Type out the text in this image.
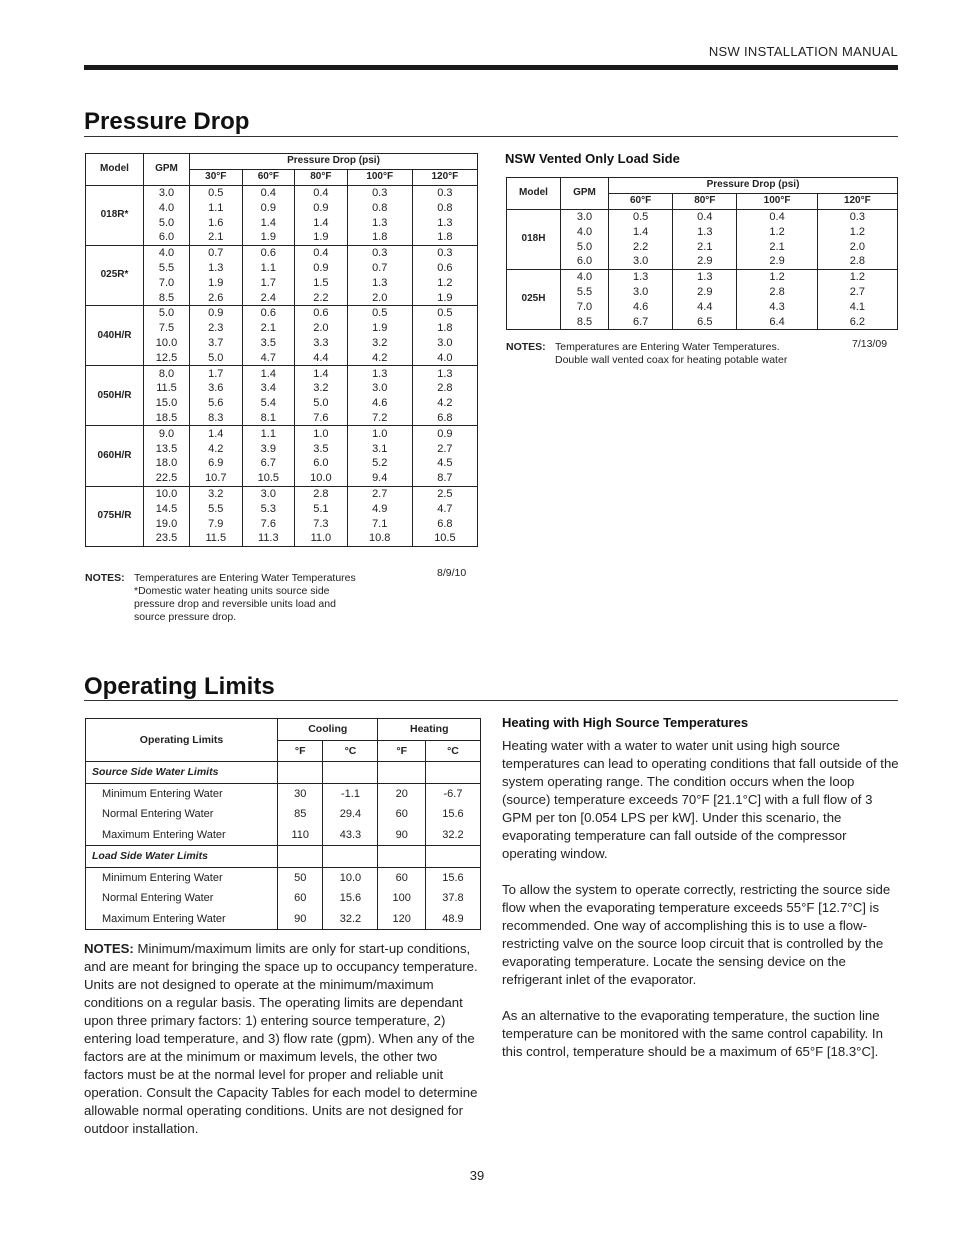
NSW INSTALLATION MANUAL
Pressure Drop
Model	GPM	Pressure Drop (psi)				
		30°F	60°F	80°F	100°F	120°F
018R*	3.0	0.5	0.4	0.4	0.3	0.3
	4.0	1.1	0.9	0.9	0.8	0.8
	5.0	1.6	1.4	1.4	1.3	1.3
	6.0	2.1	1.9	1.9	1.8	1.8
025R*	4.0	0.7	0.6	0.4	0.3	0.3
	5.5	1.3	1.1	0.9	0.7	0.6
	7.0	1.9	1.7	1.5	1.3	1.2
	8.5	2.6	2.4	2.2	2.0	1.9
040H/R	5.0	0.9	0.6	0.6	0.5	0.5
	7.5	2.3	2.1	2.0	1.9	1.8
	10.0	3.7	3.5	3.3	3.2	3.0
	12.5	5.0	4.7	4.4	4.2	4.0
050H/R	8.0	1.7	1.4	1.4	1.3	1.3
	11.5	3.6	3.4	3.2	3.0	2.8
	15.0	5.6	5.4	5.0	4.6	4.2
	18.5	8.3	8.1	7.6	7.2	6.8
060H/R	9.0	1.4	1.1	1.0	1.0	0.9
	13.5	4.2	3.9	3.5	3.1	2.7
	18.0	6.9	6.7	6.0	5.2	4.5
	22.5	10.7	10.5	10.0	9.4	8.7
075H/R	10.0	3.2	3.0	2.8	2.7	2.5
	14.5	5.5	5.3	5.1	4.9	4.7
	19.0	7.9	7.6	7.3	7.1	6.8
	23.5	11.5	11.3	11.0	10.8	10.5
NOTES: Temperatures are Entering Water Temperatures
*Domestic water heating units source side
pressure drop and reversible units load and
source pressure drop.
8/9/10
NSW Vented Only Load Side
Model	GPM	Pressure Drop (psi)			
		60°F	80°F	100°F	120°F
018H	3.0	0.5	0.4	0.4	0.3
	4.0	1.4	1.3	1.2	1.2
	5.0	2.2	2.1	2.1	2.0
	6.0	3.0	2.9	2.9	2.8
025H	4.0	1.3	1.3	1.2	1.2
	5.5	3.0	2.9	2.8	2.7
	7.0	4.6	4.4	4.3	4.1
	8.5	6.7	6.5	6.4	6.2
NOTES: Temperatures are Entering Water Temperatures.
Double wall vented coax for heating potable water
7/13/09
Operating Limits
Operating Limits	Cooling		Heating	
	°F	°C	°F	°C
Source Side Water Limits				
Minimum Entering Water	30	-1.1	20	-6.7
Normal Entering Water	85	29.4	60	15.6
Maximum Entering Water	110	43.3	90	32.2
Load Side Water Limits				
Minimum Entering Water	50	10.0	60	15.6
Normal Entering Water	60	15.6	100	37.8
Maximum Entering Water	90	32.2	120	48.9

NOTES: Minimum/maximum limits are only for start-up conditions, and are meant for bringing the space up to occupancy temperature. Units are not designed to operate at the minimum/maximum conditions on a regular basis. The operating limits are dependant upon three primary factors: 1) entering source temperature, 2) entering load temperature, and 3) flow rate (gpm). When any of the factors are at the minimum or maximum levels, the other two factors must be at the normal level for proper and reliable unit operation. Consult the Capacity Tables for each model to determine allowable normal operating conditions. Units are not designed for outdoor installation.

Heating with High Source Temperatures

Heating water with a water to water unit using high source temperatures can lead to operating conditions that fall outside of the system operating range. The condition occurs when the loop (source) temperature exceeds 70°F [21.1°C] with a full flow of 3 GPM per ton [0.054 LPS per kW]. Under this scenario, the evaporating temperature can fall outside of the compressor operating window.

To allow the system to operate correctly, restricting the source side flow when the evaporating temperature exceeds 55°F [12.7°C] is recommended. One way of accomplishing this is to use a flow-restricting valve on the source loop circuit that is controlled by the evaporating temperature. Locate the sensing device on the refrigerant inlet of the evaporator.

As an alternative to the evaporating temperature, the suction line temperature can be monitored with the same control capability. In this control, temperature should be a maximum of 65°F [18.3°C].

39
